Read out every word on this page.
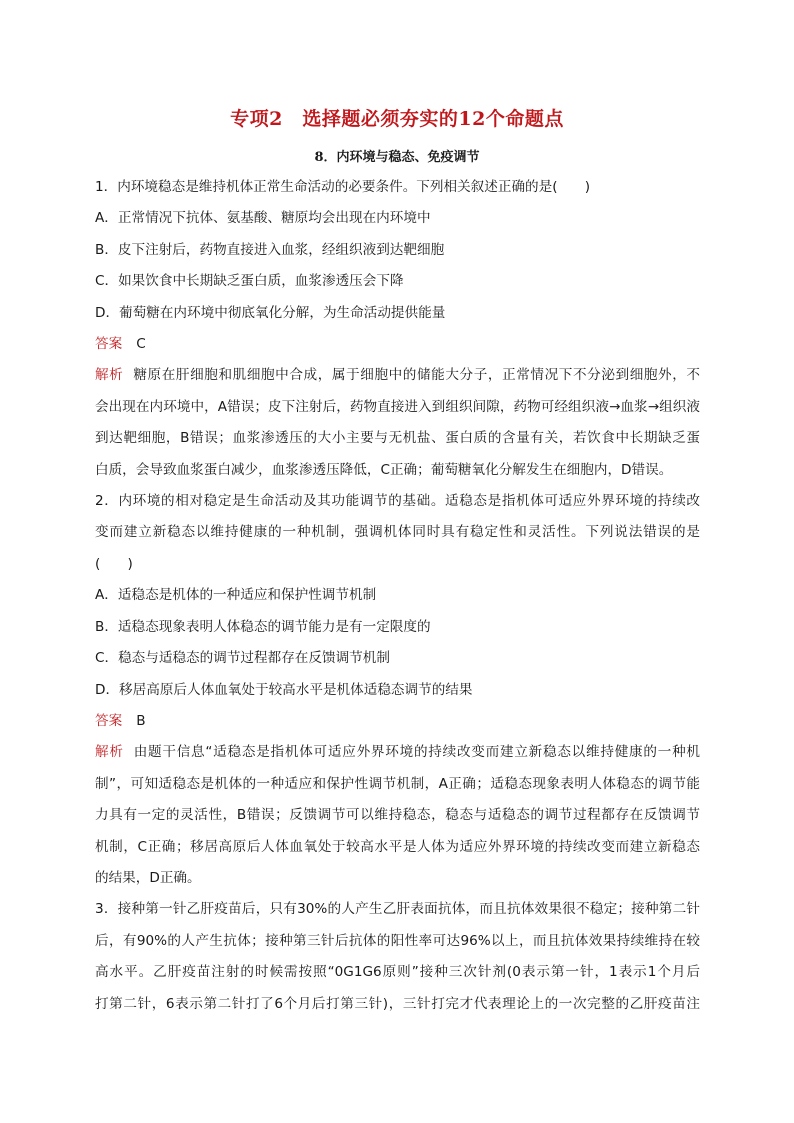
专项2　选择题必须夯实的12个命题点
8．内环境与稳态、免疫调节
1．内环境稳态是维持机体正常生命活动的必要条件。下列相关叙述正确的是(　　)
A．正常情况下抗体、氨基酸、糖原均会出现在内环境中
B．皮下注射后，药物直接进入血浆，经组织液到达靶细胞
C．如果饮食中长期缺乏蛋白质，血浆渗透压会下降
D．葡萄糖在内环境中彻底氧化分解，为生命活动提供能量
答案 C
解析 糖原在肝细胞和肌细胞中合成，属于细胞中的储能大分子，正常情况下不分泌到细胞外，不
会出现在内环境中，A错误；皮下注射后，药物直接进入到组织间隙，药物可经组织液→血浆→组织液
到达靶细胞，B错误；血浆渗透压的大小主要与无机盐、蛋白质的含量有关，若饮食中长期缺乏蛋
白质，会导致血浆蛋白减少，血浆渗透压降低，C正确；葡萄糖氧化分解发生在细胞内，D错误。
2．内环境的相对稳定是生命活动及其功能调节的基础。适稳态是指机体可适应外界环境的持续改
变而建立新稳态以维持健康的一种机制，强调机体同时具有稳定性和灵活性。下列说法错误的是
(　　)
A．适稳态是机体的一种适应和保护性调节机制
B．适稳态现象表明人体稳态的调节能力是有一定限度的
C．稳态与适稳态的调节过程都存在反馈调节机制
D．移居高原后人体血氧处于较高水平是机体适稳态调节的结果
答案 B
解析 由题干信息“适稳态是指机体可适应外界环境的持续改变而建立新稳态以维持健康的一种机
制”，可知适稳态是机体的一种适应和保护性调节机制，A正确；适稳态现象表明人体稳态的调节能
力具有一定的灵活性，B错误；反馈调节可以维持稳态，稳态与适稳态的调节过程都存在反馈调节
机制，C正确；移居高原后人体血氧处于较高水平是人体为适应外界环境的持续改变而建立新稳态
的结果，D正确。
3．接种第一针乙肝疫苗后，只有30%的人产生乙肝表面抗体，而且抗体效果很不稳定；接种第二针
后，有90%的人产生抗体；接种第三针后抗体的阳性率可达96%以上，而且抗体效果持续维持在较
高水平。乙肝疫苗注射的时候需按照“0G1G6原则”接种三次针剂(0表示第一针，1表示1个月后
打第二针，6表示第二针打了6个月后打第三针)，三针打完才代表理论上的一次完整的乙肝疫苗注
